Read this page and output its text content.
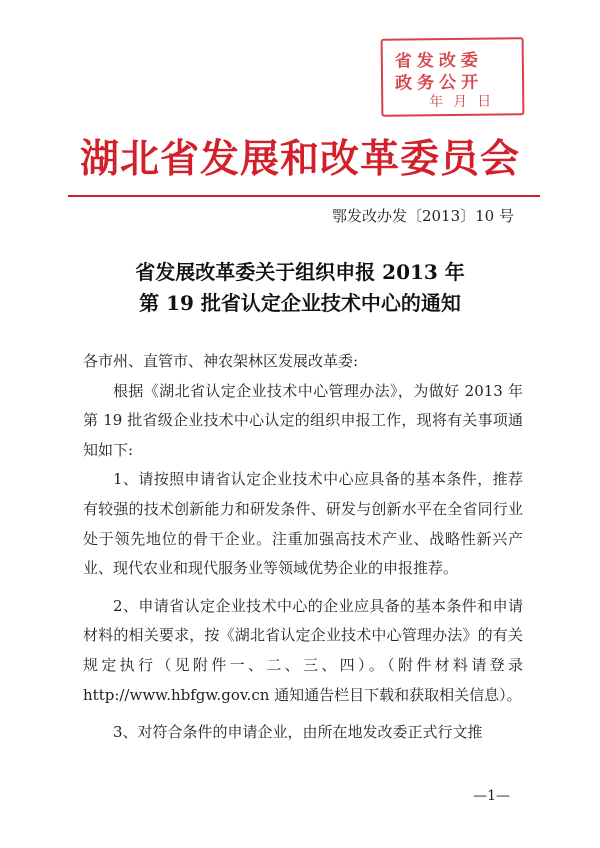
省发改委
政务公开
年月日
湖北省发展和改革委员会
鄂发改办发〔2013〕10 号
省发展改革委关于组织申报 2013 年
第 19 批省认定企业技术中心的通知

各市州、直管市、神农架林区发展改革委:

根据《湖北省认定企业技术中心管理办法》，为做好 2013 年第 19 批省级企业技术中心认定的组织申报工作，现将有关事项通知如下:

1、请按照申请省认定企业技术中心应具备的基本条件，推荐有较强的技术创新能力和研发条件、研发与创新水平在全省同行业处于领先地位的骨干企业。注重加强高技术产业、战略性新兴产业、现代农业和现代服务业等领域优势企业的申报推荐。

2、申请省认定企业技术中心的企业应具备的基本条件和申请材料的相关要求，按《湖北省认定企业技术中心管理办法》的有关规定执行（见附件一、二、三、四）。（附件材料请登录 http://www.hbfgw.gov.cn 通知通告栏目下载和获取相关信息）。

3、对符合条件的申请企业，由所在地发改委正式行文推

—1—
